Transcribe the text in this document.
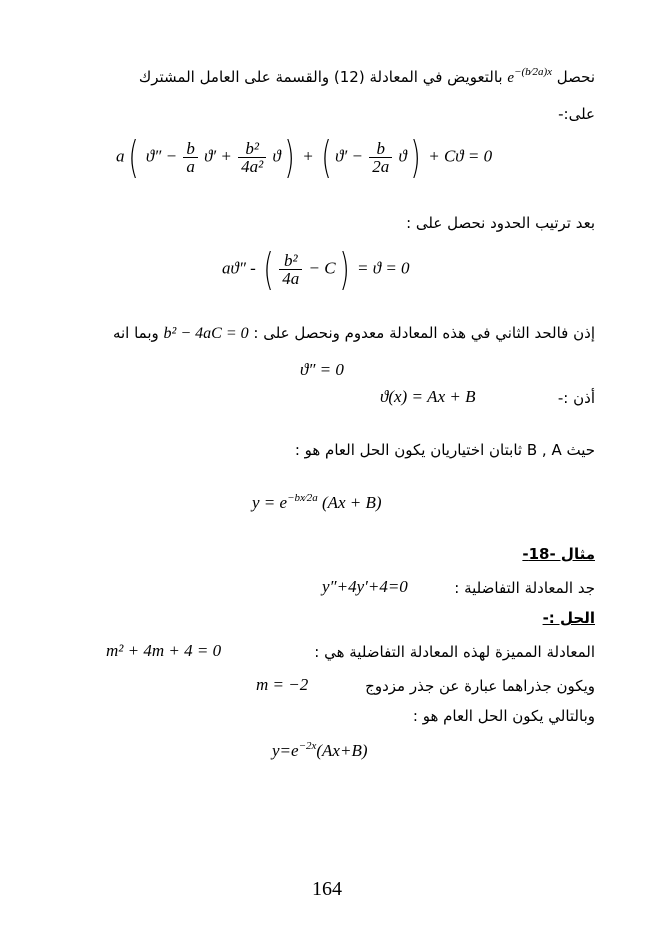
بالتعويض في المعادلة (12) والقسمة على العامل المشترك $e^{-(b⁄2a)x}$ نحصل
على:-
a( $ϑ'' - \frac{b}{a} ϑ' + \frac{\text{b²}}{\text{4a²}} ϑ$) + ( $ϑ' - \frac{b}{2a} ϑ) + Cϑ = 0$
بعد ترتيب الحدود نحصل على :
aϑ″ - ( $\frac{\text{b²}}{4a} - C) = ϑ = 0$
وبما انه b² − 4aC = 0 إذن فالحد الثاني في هذه المعادلة معدوم ونحصل على :
ϑ″ = 0
ϑ(x) = Ax + B	أذن :-
حيث B , A ثابتان اختياريان يكون الحل العام هو :
$y = e^{-bx⁄2a}$ (Ax + B)
مثال -18-
y″+4y′+4=0	جد المعادلة التفاضلية :
الحل :-
m² + 4m + 4 = 0	المعادلة المميزة لهذه المعادلة التفاضلية هي :
m = −2	ويكون جذراهما عبارة عن جذر مزدوج
وبالتالي يكون الحل العام هو :
$y=e^{-2x}(Ax+B)$
164
